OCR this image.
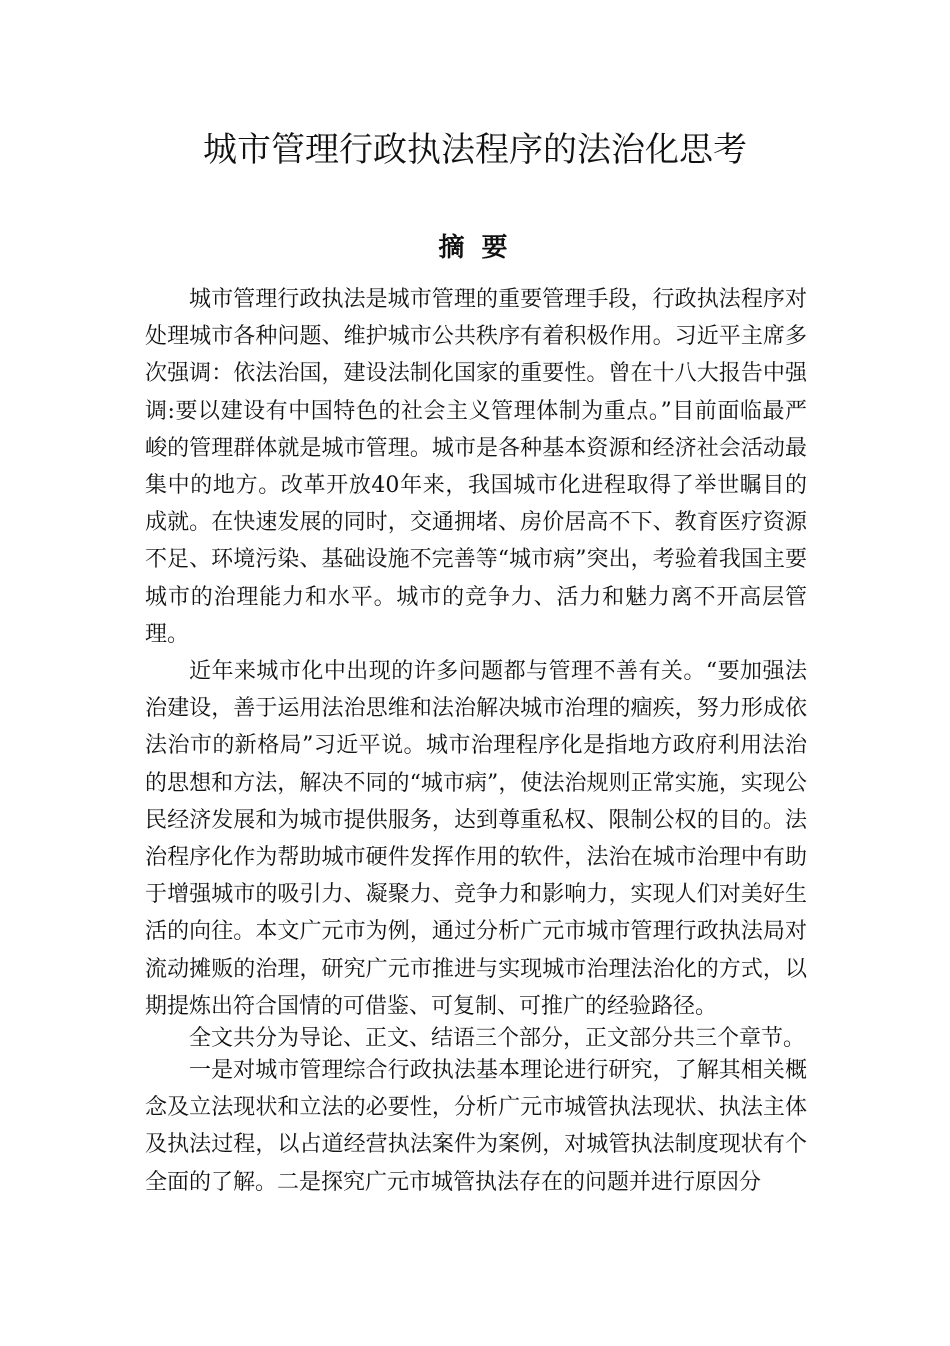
城市管理行政执法程序的法治化思考
摘 要

城市管理行政执法是城市管理的重要管理手段，行政执法程序对处理城市各种问题、维护城市公共秩序有着积极作用。习近平主席多次强调：依法治国，建设法制化国家的重要性。曾在十八大报告中强调:要以建设有中国特色的社会主义管理体制为重点。”目前面临最严峻的管理群体就是城市管理。城市是各种基本资源和经济社会活动最集中的地方。改革开放40年来，我国城市化进程取得了举世瞩目的成就。在快速发展的同时，交通拥堵、房价居高不下、教育医疗资源不足、环境污染、基础设施不完善等“城市病”突出，考验着我国主要城市的治理能力和水平。城市的竞争力、活力和魅力离不开高层管理。

近年来城市化中出现的许多问题都与管理不善有关。“要加强法治建设，善于运用法治思维和法治解决城市治理的痼疾，努力形成依法治市的新格局”习近平说。城市治理程序化是指地方政府利用法治的思想和方法，解决不同的“城市病”，使法治规则正常实施，实现公民经济发展和为城市提供服务，达到尊重私权、限制公权的目的。法治程序化作为帮助城市硬件发挥作用的软件，法治在城市治理中有助于增强城市的吸引力、凝聚力、竞争力和影响力，实现人们对美好生活的向往。本文广元市为例，通过分析广元市城市管理行政执法局对流动摊贩的治理，研究广元市推进与实现城市治理法治化的方式，以期提炼出符合国情的可借鉴、可复制、可推广的经验路径。

全文共分为导论、正文、结语三个部分，正文部分共三个章节。

一是对城市管理综合行政执法基本理论进行研究，了解其相关概念及立法现状和立法的必要性，分析广元市城管执法现状、执法主体及执法过程，以占道经营执法案件为案例，对城管执法制度现状有个全面的了解。二是探究广元市城管执法存在的问题并进行原因分
